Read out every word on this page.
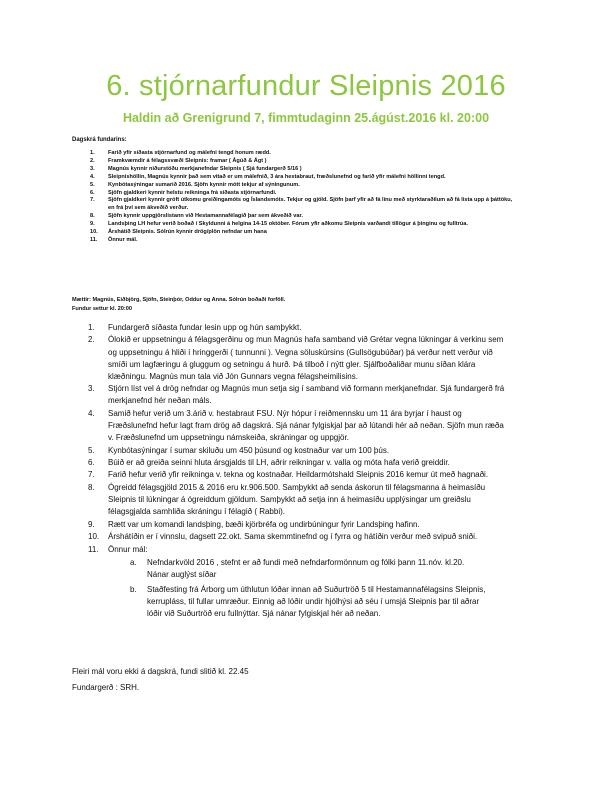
6. stjórnarfundur Sleipnis 2016
Haldin að Grenigrund 7, fimmtudaginn 25.ágúst.2016 kl. 20:00
Dagskrá fundarins:
1.	Farið yfir síðasta stjórnarfund og málefni tengd honum rædd.
2.	Framkvæmdir á félagssvæði Sleipnis: framar ( Ágúð & Ágt )
3.	Magnús kynnir niðurstöðu merkjanefndar Sleipnis ( Sjá fundargerð 5/16 )
4.	Sleipnishöllin, Magnús kynnir það sem vitað er um málefnið, 3 ára hestabraut, fræðslunefnd og farið yfir málefni höllinni tengd.
5.	Kynbótasýningar sumarið 2016. Sjöfn kynnir mótt tekjur af sýningunum.
6.	Sjöfn gjaldkeri kynnir helstu reikninga frá síðasta stjórnarfundi.
7.	Sjöfn gjaldkeri kynnir gróft útkomu greiðingamóts og Íslandsmóts. Tekjur og gjöld. Sjöfn þarf yfir að fá línu með styrktaraðilum að fá lista upp á þáttöku, en frá því sem ákveðið verður.
8.	Sjöfn kynnir uppgjörslistann við Hestamannafélagið þar sem ákveðið var.
9.	Landsþing LH hefur verið boðað í Skyldunni á helgina 14-15 október. Fórum yfir aðkomu Sleipnis varðandi tillögur á þinginu og fulltrúa.
10.	Árshátíð Sleipnis. Sólrún kynnir drög/plön nefndar um hana
11.	Önnur mál.
Mættir: Magnús, Eiðbjörg, Sjöfn, Steinþór, Oddur og Anna. Sólrún boðaði forföll.
Fundur settur kl. 20:00
1.	Fundargerð síðasta fundar lesin upp og hún samþykkt.
2.	Ólokið er uppsetningu á félagsgerðinu og mun Magnús hafa samband við Grétar vegna lúkningar á verkinu sem og uppsetningu á hliði í hringgerði ( tunnunni ). Vegna söluskúrsins (Gullsögubúðar) þá verður nett verður við smíði um lagfæringu á gluggum og setningu á hurð. Þá tilboð í nýtt gler. Sjálfboðaliðar munu síðan klára klæðningu. Magnús mun tala við Jón Gunnars vegna félagsheimilisins.
3.	Stjórn líst vel á drög nefndar og Magnús mun setja sig í samband við formann merkjanefndar. Sjá fundargerð frá merkjanefnd hér neðan máls.
4.	Samið hefur verið um 3.árið v. hestabraut FSU. Nýr hópur í reiðmennsku um 11 ára byrjar í haust og Fræðslunefnd hefur lagt fram drög að dagskrá. Sjá nánar fylgiskjal þar að lútandi hér að neðan. Sjöfn mun ræða v. Fræðslunefnd um uppsetningu námskeiða, skráningar og uppgjör.
5.	Kynbótasýningar í sumar skiluðu um 450 þúsund og kostnaður var um 100 þús.
6.	Búið er að greiða seinni hluta ársgjalds til LH, aðrir reikningar v. valla og móta hafa verið greiddir.
7.	Farið hefur verið yfir reikninga v. tekna og kostnaðar. Heildarmótshald Sleipnis 2016 kemur út með hagnaði.
8.	Ógreidd félagsgjöld 2015 & 2016 eru kr.906.500. Samþykkt að senda áskorun til félagsmanna á heimasíðu Sleipnis til lúkningar á ógreiddum gjöldum. Samþykkt að setja inn á heimasíðu upplýsingar um greiðslu félagsgjalda samhliða skráningu í félagið ( Rabbi).
9.	Rætt var um komandi landsþing, bæði kjörbréfa og undirbúningur fyrir Landsþing hafinn.
10.	Árshátíðin er í vinnslu, dagsett 22.okt. Sama skemmtinefnd og í fyrra og hátíðin verður með svipuð sniði.
11.	Önnur mál:
a.	Nefndarkvöld 2016 , stefnt er að fundi með nefndarformönnum og fólki þann 11.nóv. kl.20. Nánar auglýst síðar
b.	Staðfesting frá Árborg um úthlutun lóðar innan að Suðurtröð 5 til Hestamannafélagsins Sleipnis, kerrupláss, til fullar umræður. Einnig að lóðir undir hjólhýsi að séu í umsjá Sleipnis þar til aðrar lóðir við Suðurtröð eru fullnýttar. Sjá nánar fylgiskjal hér að neðan.
Fleiri mál voru ekki á dagskrá, fundi slitið kl. 22.45
Fundargerð : SRH.
